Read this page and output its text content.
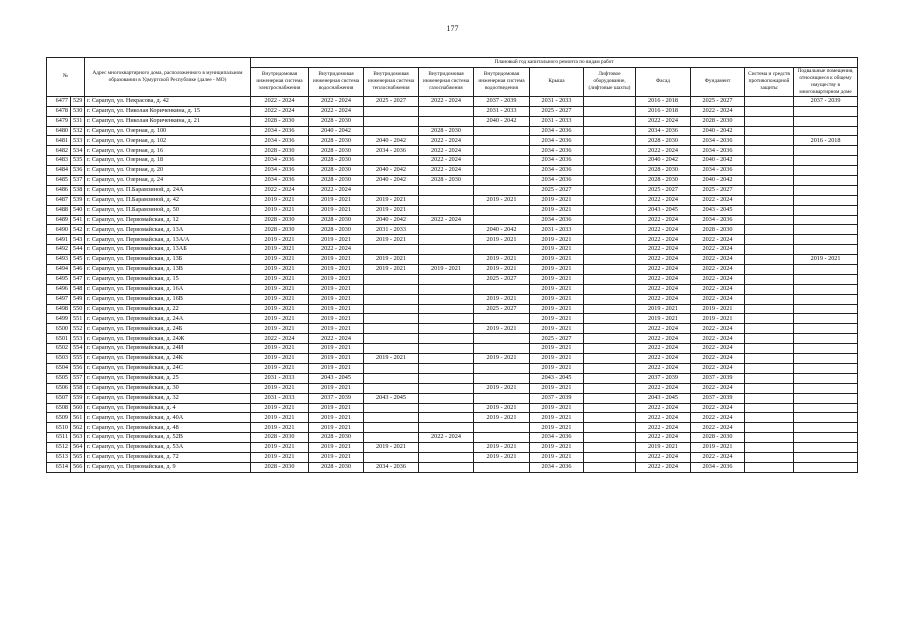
177
№		Адрес многоквартирного дома, расположенного в муниципальном образовании в Удмуртской Республике (далее - МО)	Плановый год капитального ремонта по видам работ										
			Внутридомовая инженерная система электроснабжения	Внутридомовая инженерная система водоснабжения	Внутридомовая инженерная система теплоснабжения	Внутридомовая инженерная система газоснабжения	Внутридомовая инженерная система водоотведения	Крыша	Лифтовое оборудование, (лифтовые шахты)	Фасад	Фундамент	Система и средств противопожарной защиты	Подвальные помещения, относящиеся к общему имуществу в многоквартирном доме
6477	529	г. Сарапул, ул. Некрасова, д. 42	2022 - 2024	2022 - 2024	2025 - 2027	2022 - 2024	2037 - 2039	2031 - 2033		2016 - 2018	2025 - 2027		2037 - 2039
6478	530	г. Сарапул, ул. Николая Кориченкина, д. 15	2022 - 2024	2022 - 2024			2031 - 2033	2025 - 2027		2016 - 2018	2022 - 2024		
6479	531	г. Сарапул, ул. Николая Кориченкина, д. 21	2028 - 2030	2028 - 2030			2040 - 2042	2031 - 2033		2022 - 2024	2028 - 2030		
6480	532	г. Сарапул, ул. Озерная, д. 100	2034 - 2036	2040 - 2042		2028 - 2030		2034 - 2036		2034 - 2036	2040 - 2042		
6481	533	г. Сарапул, ул. Озерная, д. 102	2034 - 2036	2028 - 2030	2040 - 2042	2022 - 2024		2034 - 2036		2028 - 2030	2034 - 2036		2016 - 2018
6482	534	г. Сарапул, ул. Озерная, д. 16	2028 - 2030	2028 - 2030	2034 - 2036	2022 - 2024		2034 - 2036		2022 - 2024	2034 - 2036		
6483	535	г. Сарапул, ул. Озерная, д. 18	2034 - 2036	2028 - 2030		2022 - 2024		2034 - 2036		2040 - 2042	2040 - 2042		
6484	536	г. Сарапул, ул. Озерная, д. 20	2034 - 2036	2028 - 2030	2040 - 2042	2022 - 2024		2034 - 2036		2028 - 2030	2034 - 2036		
6485	537	г. Сарапул, ул. Озерная, д. 24	2034 - 2036	2028 - 2030	2040 - 2042	2028 - 2030		2034 - 2036		2028 - 2030	2040 - 2042		
6486	538	г. Сарапул, ул. П.Барамзиной, д. 24А	2022 - 2024	2022 - 2024				2025 - 2027		2025 - 2027	2025 - 2027		
6487	539	г. Сарапул, ул. П.Барамзиной, д. 42	2019 - 2021	2019 - 2021	2019 - 2021		2019 - 2021	2019 - 2021		2022 - 2024	2022 - 2024		
6488	540	г. Сарапул, ул. П.Барамзиной, д. 50	2019 - 2021	2019 - 2021	2019 - 2021			2019 - 2021		2043 - 2045	2043 - 2045		
6489	541	г. Сарапул, ул. Первомайская, д. 12	2028 - 2030	2028 - 2030	2040 - 2042	2022 - 2024		2034 - 2036		2022 - 2024	2034 - 2036		
6490	542	г. Сарапул, ул. Первомайская, д. 13А	2028 - 2030	2028 - 2030	2031 - 2033		2040 - 2042	2031 - 2033		2022 - 2024	2028 - 2030		
6491	543	г. Сарапул, ул. Первомайская, д. 13А/А	2019 - 2021	2019 - 2021	2019 - 2021		2019 - 2021	2019 - 2021		2022 - 2024	2022 - 2024		
6492	544	г. Сарапул, ул. Первомайская, д. 13АБ	2019 - 2021	2022 - 2024				2019 - 2021		2022 - 2024	2022 - 2024		
6493	545	г. Сарапул, ул. Первомайская, д. 13Б	2019 - 2021	2019 - 2021	2019 - 2021		2019 - 2021	2019 - 2021		2022 - 2024	2022 - 2024		2019 - 2021
6494	546	г. Сарапул, ул. Первомайская, д. 13В	2019 - 2021	2019 - 2021	2019 - 2021	2019 - 2021	2019 - 2021	2019 - 2021		2022 - 2024	2022 - 2024		
6495	547	г. Сарапул, ул. Первомайская, д. 15	2019 - 2021	2019 - 2021			2025 - 2027	2019 - 2021		2022 - 2024	2022 - 2024		
6496	548	г. Сарапул, ул. Первомайская, д. 16А	2019 - 2021	2019 - 2021				2019 - 2021		2022 - 2024	2022 - 2024		
6497	549	г. Сарапул, ул. Первомайская, д. 16В	2019 - 2021	2019 - 2021			2019 - 2021	2019 - 2021		2022 - 2024	2022 - 2024		
6498	550	г. Сарапул, ул. Первомайская, д. 22	2019 - 2021	2019 - 2021			2025 - 2027	2019 - 2021		2019 - 2021	2019 - 2021		
6499	551	г. Сарапул, ул. Первомайская, д. 24А	2019 - 2021	2019 - 2021				2019 - 2021		2019 - 2021	2019 - 2021		
6500	552	г. Сарапул, ул. Первомайская, д. 24Б	2019 - 2021	2019 - 2021			2019 - 2021	2019 - 2021		2022 - 2024	2022 - 2024		
6501	553	г. Сарапул, ул. Первомайская, д. 24Ж	2022 - 2024	2022 - 2024				2025 - 2027		2022 - 2024	2022 - 2024		
6502	554	г. Сарапул, ул. Первомайская, д. 24И	2019 - 2021	2019 - 2021				2019 - 2021		2022 - 2024	2022 - 2024		
6503	555	г. Сарапул, ул. Первомайская, д. 24К	2019 - 2021	2019 - 2021	2019 - 2021		2019 - 2021	2019 - 2021		2022 - 2024	2022 - 2024		
6504	556	г. Сарапул, ул. Первомайская, д. 24С	2019 - 2021	2019 - 2021				2019 - 2021		2022 - 2024	2022 - 2024		
6505	557	г. Сарапул, ул. Первомайская, д. 25	2031 - 2033	2043 - 2045				2043 - 2045		2037 - 2039	2037 - 2039		
6506	558	г. Сарапул, ул. Первомайская, д. 30	2019 - 2021	2019 - 2021			2019 - 2021	2019 - 2021		2022 - 2024	2022 - 2024		
6507	559	г. Сарапул, ул. Первомайская, д. 32	2031 - 2033	2037 - 2039	2043 - 2045			2037 - 2039		2043 - 2045	2037 - 2039		
6508	560	г. Сарапул, ул. Первомайская, д. 4	2019 - 2021	2019 - 2021			2019 - 2021	2019 - 2021		2022 - 2024	2022 - 2024		
6509	561	г. Сарапул, ул. Первомайская, д. 40А	2019 - 2021	2019 - 2021			2019 - 2021	2019 - 2021		2022 - 2024	2022 - 2024		
6510	562	г. Сарапул, ул. Первомайская, д. 48	2019 - 2021	2019 - 2021				2019 - 2021		2022 - 2024	2022 - 2024		
6511	563	г. Сарапул, ул. Первомайская, д. 52В	2028 - 2030	2028 - 2030		2022 - 2024		2034 - 2036		2022 - 2024	2028 - 2030		
6512	564	г. Сарапул, ул. Первомайская, д. 53А	2019 - 2021	2019 - 2021	2019 - 2021		2019 - 2021	2019 - 2021		2019 - 2021	2019 - 2021		
6513	565	г. Сарапул, ул. Первомайская, д. 72	2019 - 2021	2019 - 2021			2019 - 2021	2019 - 2021		2022 - 2024	2022 - 2024		
6514	566	г. Сарапул, ул. Первомайская, д. 9	2028 - 2030	2028 - 2030	2034 - 2036			2034 - 2036		2022 - 2024	2034 - 2036		
